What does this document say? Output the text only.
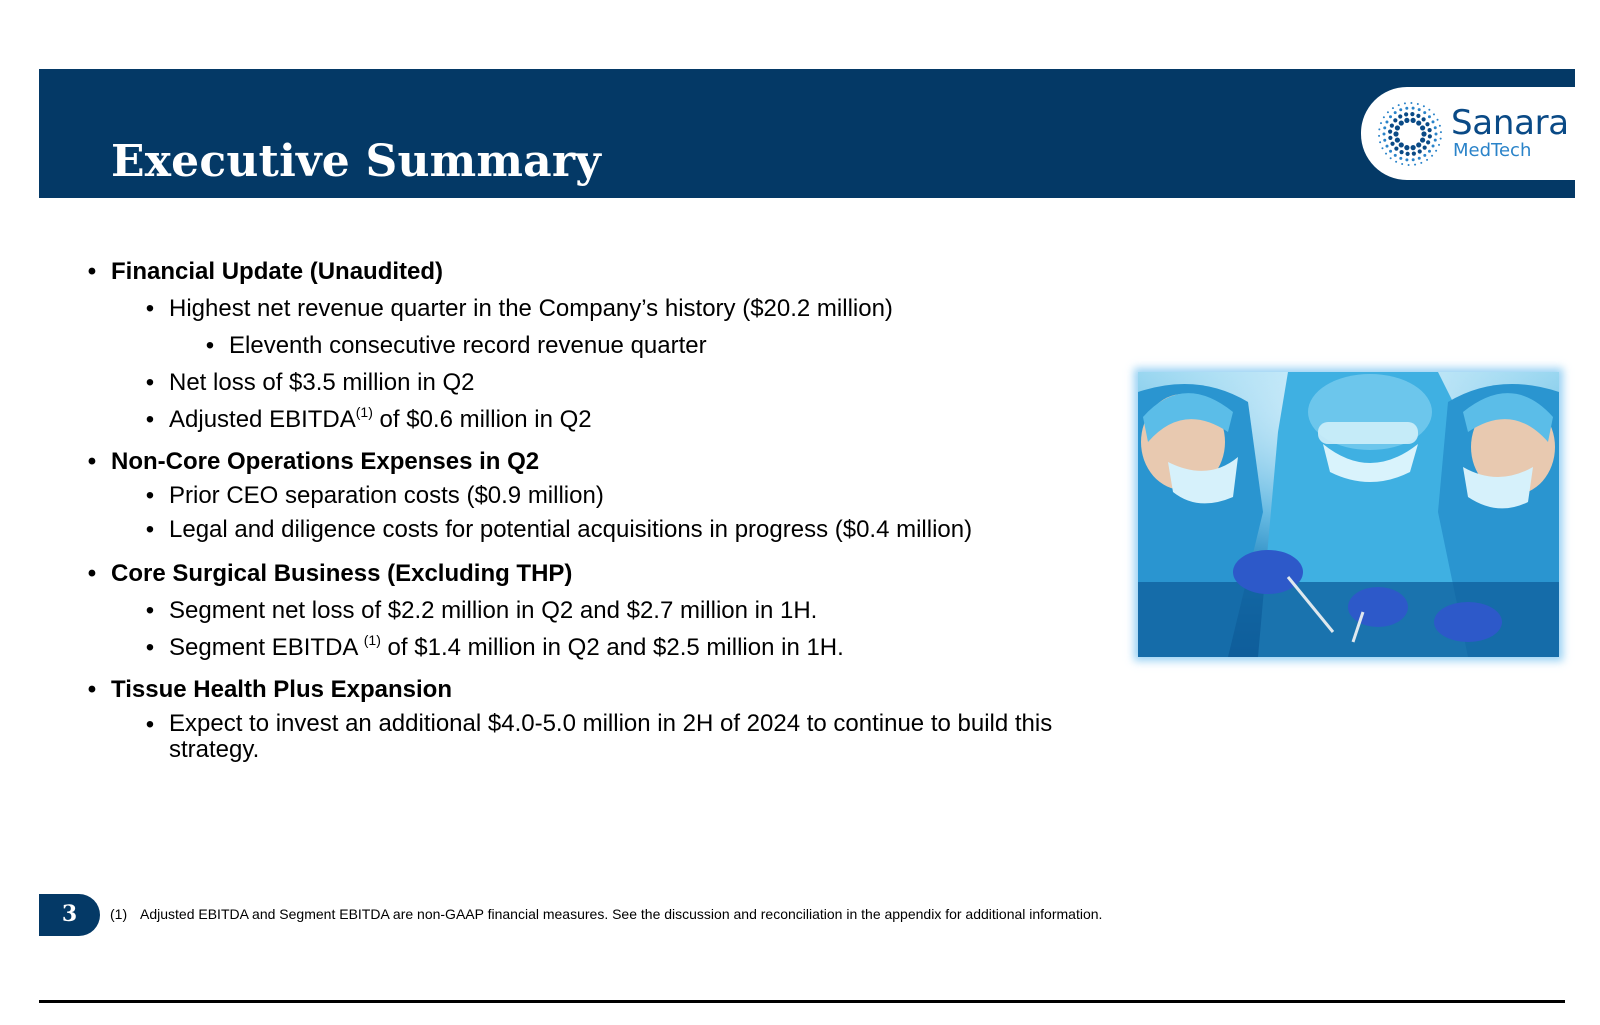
Executive Summary
Sanara
MedTech
• Financial Update (Unaudited)
• Highest net revenue quarter in the Company’s history ($20.2 million)
• Eleventh consecutive record revenue quarter
• Net loss of $3.5 million in Q2
• Adjusted EBITDA$^{(1)}$ of $0.6 million in Q2
• Non-Core Operations Expenses in Q2
• Prior CEO separation costs ($0.9 million)
• Legal and diligence costs for potential acquisitions in progress ($0.4 million)
• Core Surgical Business (Excluding THP)
• Segment net loss of $2.2 million in Q2 and $2.7 million in 1H.
• Segment EBITDA $^{(1)}$ of $1.4 million in Q2 and $2.5 million in 1H.
• Tissue Health Plus Expansion
• Expect to invest an additional $4.0-5.0 million in 2H of 2024 to continue to build this strategy.
3	(1) Adjusted EBITDA and Segment EBITDA are non-GAAP financial measures. See the discussion and reconciliation in the appendix for additional information.
